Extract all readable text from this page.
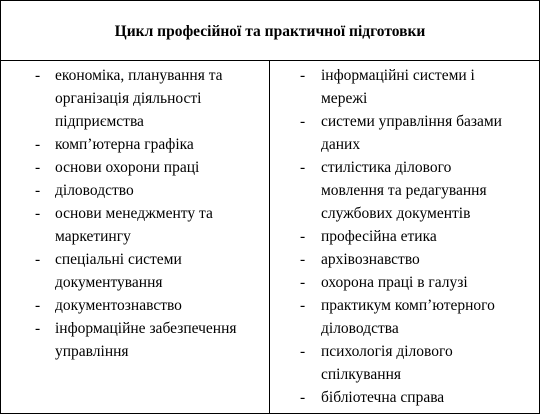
Цикл професійної та практичної підготовки
- економіка, планування та
організація діяльності
підприємства
- комп’ютерна графіка
- основи охорони праці
- діловодство
- основи менеджменту та
маркетингу
- спеціальні системи
документування
- документознавство
- інформаційне забезпечення
управління
- інформаційні системи і
мережі
- системи управління базами
даних
- стилістика ділового
мовлення та редагування
службових документів
- професійна етика
- архівознавство
- охорона праці в галузі
- практикум комп’ютерного
діловодства
- психологія ділового
спілкування
- бібліотечна справа
